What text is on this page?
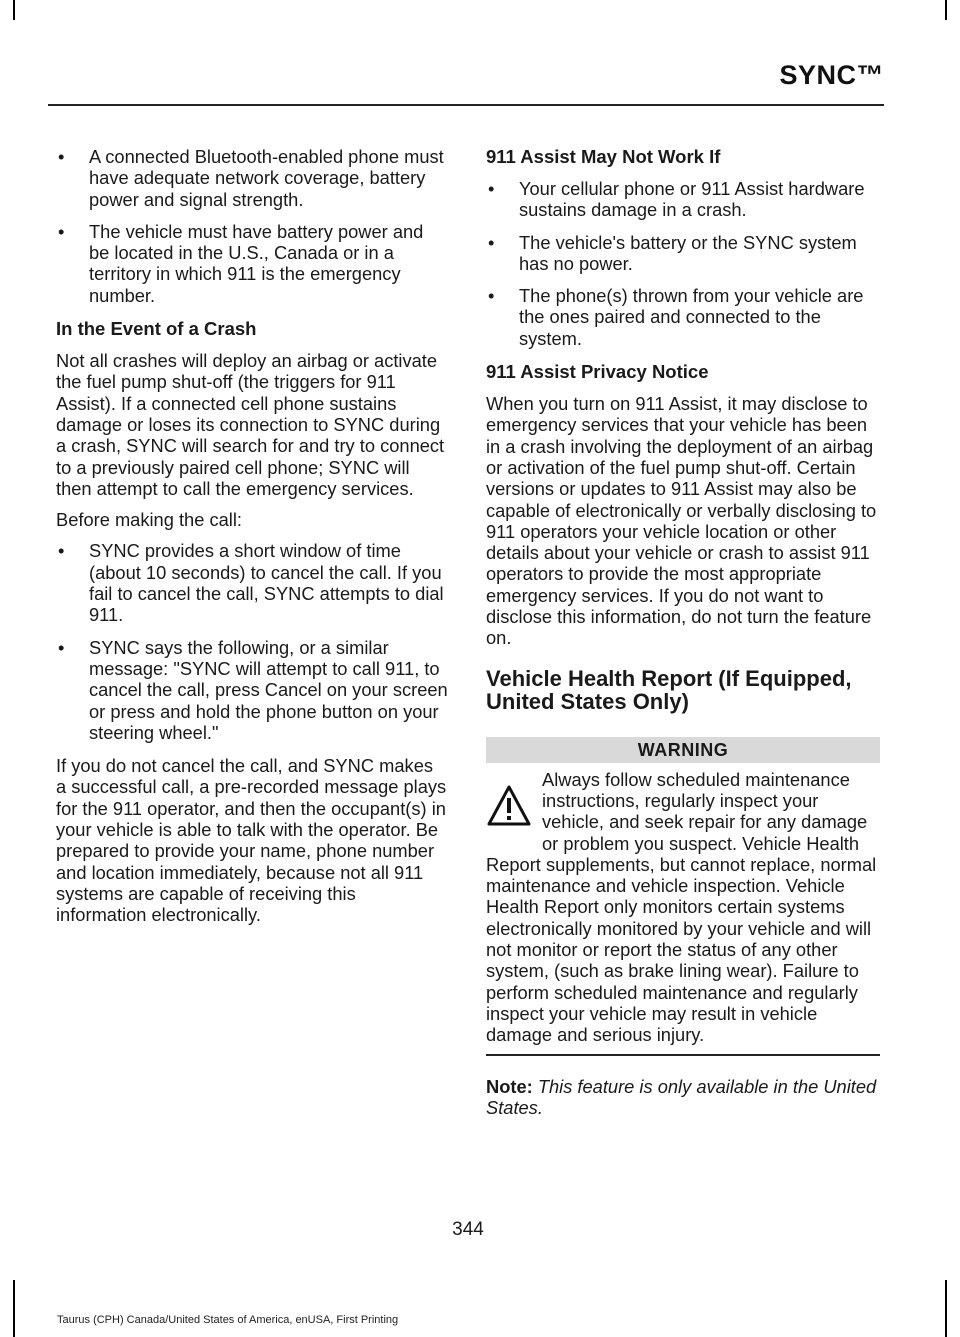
SYNC™
• A connected Bluetooth-enabled phone must have adequate network coverage, battery power and signal strength.
• The vehicle must have battery power and be located in the U.S., Canada or in a territory in which 911 is the emergency number.
In the Event of a Crash

Not all crashes will deploy an airbag or activate the fuel pump shut-off (the triggers for 911 Assist). If a connected cell phone sustains damage or loses its connection to SYNC during a crash, SYNC will search for and try to connect to a previously paired cell phone; SYNC will then attempt to call the emergency services.

Before making the call:

• SYNC provides a short window of time (about 10 seconds) to cancel the call. If you fail to cancel the call, SYNC attempts to dial 911.
• SYNC says the following, or a similar message: "SYNC will attempt to call 911, to cancel the call, press Cancel on your screen or press and hold the phone button on your steering wheel."

If you do not cancel the call, and SYNC makes a successful call, a pre-recorded message plays for the 911 operator, and then the occupant(s) in your vehicle is able to talk with the operator. Be prepared to provide your name, phone number and location immediately, because not all 911 systems are capable of receiving this information electronically.

911 Assist May Not Work If
• Your cellular phone or 911 Assist hardware sustains damage in a crash.
• The vehicle's battery or the SYNC system has no power.
• The phone(s) thrown from your vehicle are the ones paired and connected to the system.
911 Assist Privacy Notice

When you turn on 911 Assist, it may disclose to emergency services that your vehicle has been in a crash involving the deployment of an airbag or activation of the fuel pump shut-off. Certain versions or updates to 911 Assist may also be capable of electronically or verbally disclosing to 911 operators your vehicle location or other details about your vehicle or crash to assist 911 operators to provide the most appropriate emergency services. If you do not want to disclose this information, do not turn the feature on.

Vehicle Health Report (If Equipped, United States Only)
WARNING

Always follow scheduled maintenance instructions, regularly inspect your vehicle, and seek repair for any damage or problem you suspect. Vehicle Health Report supplements, but cannot replace, normal maintenance and vehicle inspection. Vehicle Health Report only monitors certain systems electronically monitored by your vehicle and will not monitor or report the status of any other system, (such as brake lining wear). Failure to perform scheduled maintenance and regularly inspect your vehicle may result in vehicle damage and serious injury.

Note: This feature is only available in the United States.

344
Taurus (CPH) Canada/United States of America, enUSA, First Printing
